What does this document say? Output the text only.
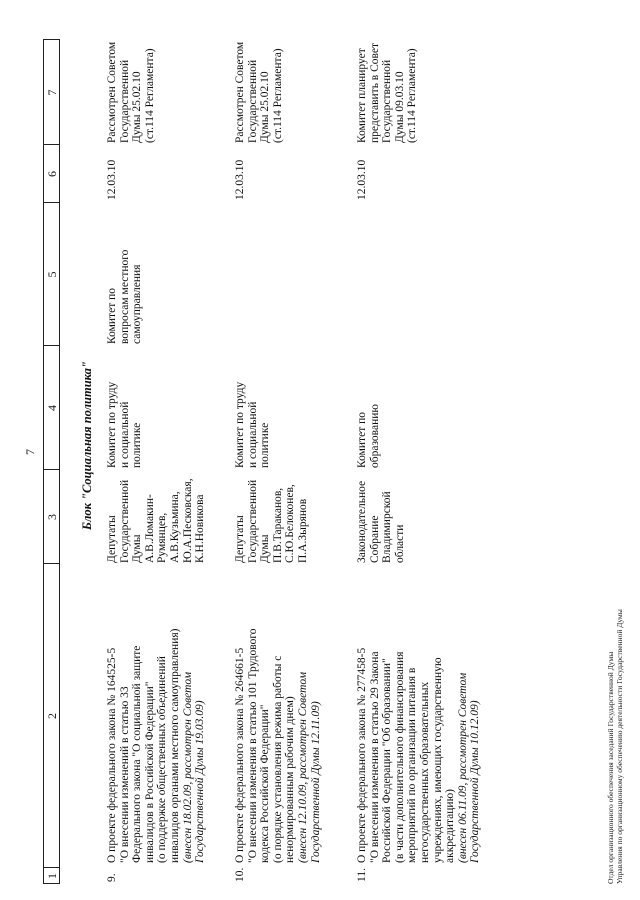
7
1
2
3
4
5
6
7
Блок "Социальная политика"
9.
О проекте федерального закона № 164525-5 "О внесении изменений в статью 33 Федерального закона "О социальной защите инвалидов в Российской Федерации" (о поддержке общественных объединений инвалидов органами местного самоуправления) (внесен 18.02.09, рассмотрен Советом Государственной Думы 19.03.09)
Депутаты Государственной Думы А.В.Ломакин- Румянцев, А.В.Кузьмина, Ю.А.Песковская, К.Н.Новикова
Комитет по труду и социальной политике
Комитет по вопросам местного самоуправления
12.03.10
Рассмотрен Советом Государственной Думы 25.02.10 (ст.114 Регламента)
10.
О проекте федерального закона № 264661-5 "О внесении изменения в статью 101 Трудового кодекса Российской Федерации" (о порядке установления режима работы с ненормированным рабочим днем) (внесен 12.10.09, рассмотрен Советом Государственной Думы 12.11.09)
Депутаты Государственной Думы П.В.Тараканов, С.Ю.Белоконев, П.А.Зырянов
Комитет по труду и социальной политике
12.03.10
Рассмотрен Советом Государственной Думы 25.02.10 (ст.114 Регламента)
11.
О проекте федерального закона № 277458-5 "О внесении изменения в статью 29 Закона Российской Федерации "Об образовании" (в части дополнительного финансирования мероприятий по организации питания в негосударственных образовательных учреждениях, имеющих государственную аккредитацию) (внесен 06.11.09, рассмотрен Советом Государственной Думы 10.12.09)
Законодательное Собрание Владимирской области
Комитет по образованию
12.03.10
Комитет планирует представить в Совет Государственной Думы 09.03.10 (ст.114 Регламента)
Отдел организационного обеспечения заседаний Государственной Думы Управления по организационному обеспечению деятельности Государственной Думы
